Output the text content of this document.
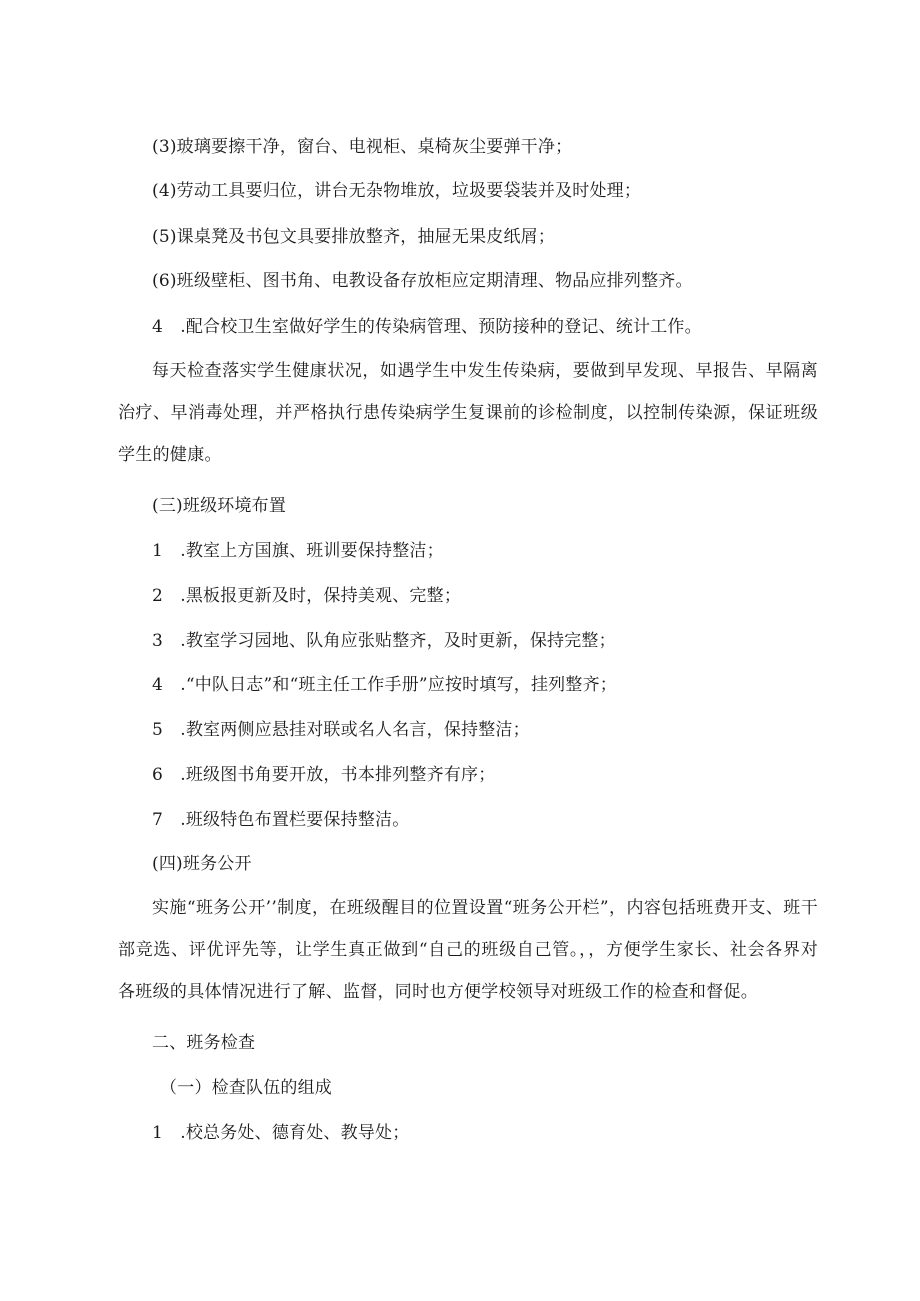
(3)玻璃要擦干净，窗台、电视柜、桌椅灰尘要弹干净；
(4)劳动工具要归位，讲台无杂物堆放，垃圾要袋装并及时处理；
(5)课桌凳及书包文具要排放整齐，抽屉无果皮纸屑；
(6)班级壁柜、图书角、电教设备存放柜应定期清理、物品应排列整齐。
4　.配合校卫生室做好学生的传染病管理、预防接种的登记、统计工作。
每天检查落实学生健康状况，如遇学生中发生传染病，要做到早发现、早报告、早隔离治疗、早消毒处理，并严格执行患传染病学生复课前的诊检制度，以控制传染源，保证班级学生的健康。
(三)班级环境布置
1　.教室上方国旗、班训要保持整洁；
2　.黑板报更新及时，保持美观、完整；
3　.教室学习园地、队角应张贴整齐，及时更新，保持完整；
4　.“中队日志”和“班主任工作手册”应按时填写，挂列整齐；
5　.教室两侧应悬挂对联或名人名言，保持整洁；
6　.班级图书角要开放，书本排列整齐有序；
7　.班级特色布置栏要保持整洁。
(四)班务公开
实施“班务公开’’制度，在班级醒目的位置设置“班务公开栏”，内容包括班费开支、班干部竞选、评优评先等，让学生真正做到“自己的班级自己管。，，方便学生家长、社会各界对各班级的具体情况进行了解、监督，同时也方便学校领导对班级工作的检查和督促。
二、班务检查
（一）检查队伍的组成
1　.校总务处、德育处、教导处；
